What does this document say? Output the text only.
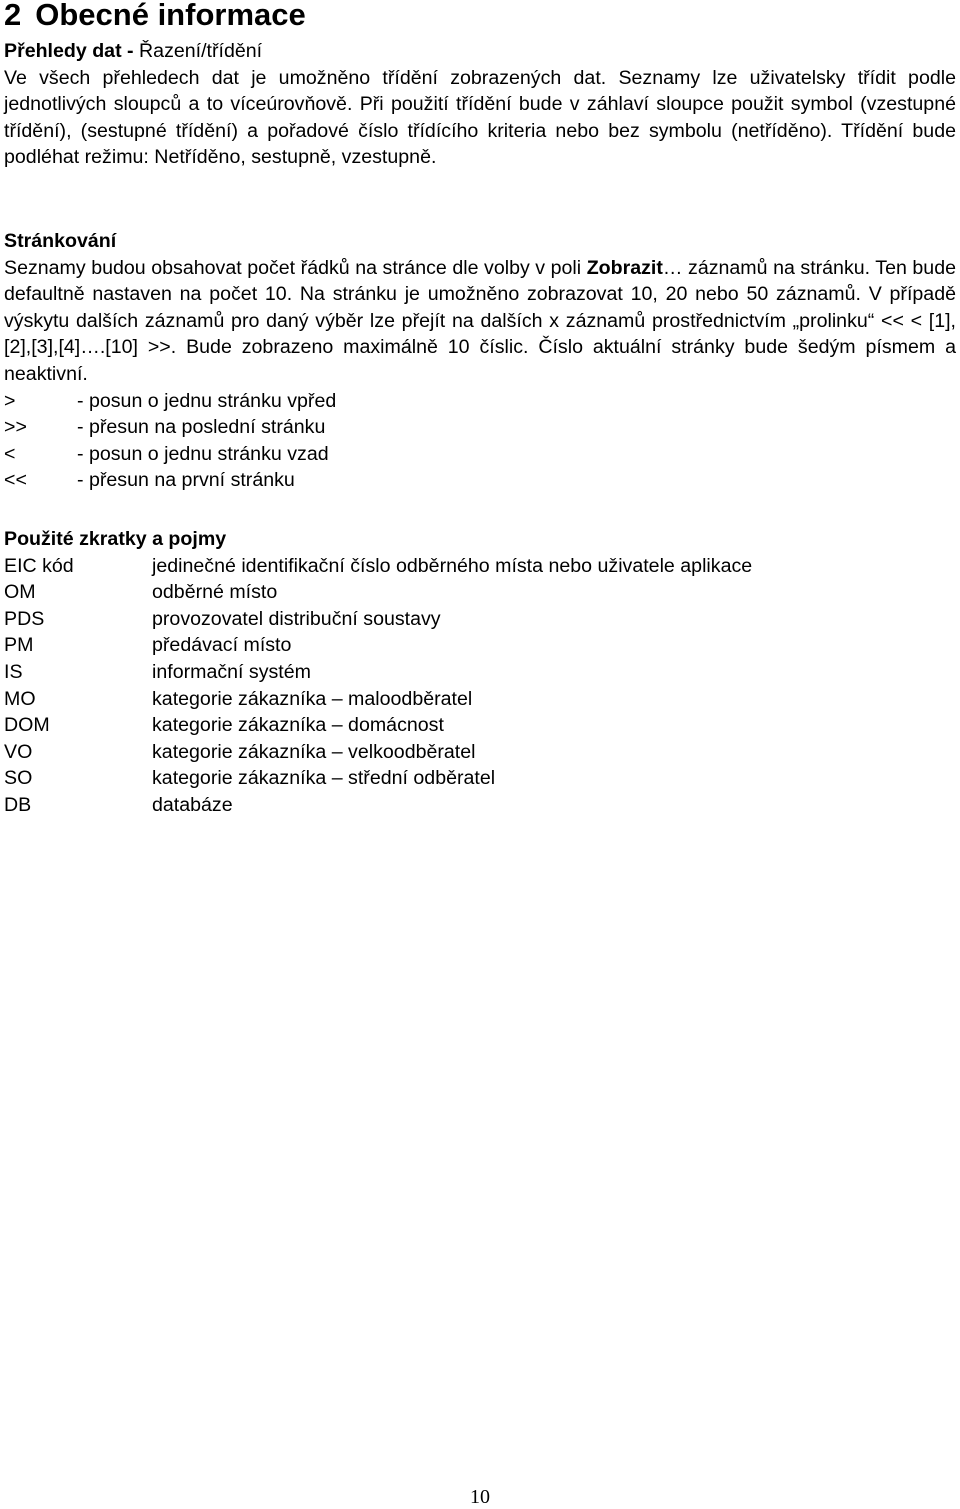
2 Obecné informace
Přehledy dat - Řazení/třídění
Ve všech přehledech dat je umožněno třídění zobrazených dat. Seznamy lze uživatelsky třídit podle jednotlivých sloupců a to víceúrovňově. Při použití třídění bude v záhlaví sloupce použit symbol (vzestupné třídění), (sestupné třídění) a pořadové číslo třídícího kriteria nebo bez symbolu (netříděno). Třídění bude podléhat režimu: Netříděno, sestupně, vzestupně.
Stránkování
Seznamy budou obsahovat počet řádků na stránce dle volby v poli Zobrazit… záznamů na stránku. Ten bude defaultně nastaven na počet 10. Na stránku je umožněno zobrazovat 10, 20 nebo 50 záznamů. V případě výskytu dalších záznamů pro daný výběr lze přejít na dalších x záznamů prostřednictvím „prolinku“ << < [1],[2],[3],[4]….[10] >>. Bude zobrazeno maximálně 10 číslic. Číslo aktuální stránky bude šedým písmem a neaktivní.
>	- posun o jednu stránku vpřed
>>	- přesun na poslední stránku
<	- posun o jednu stránku vzad
<<	- přesun na první stránku
Použité zkratky a pojmy
EIC kód	jedinečné identifikační číslo odběrného místa nebo uživatele aplikace
OM	odběrné místo
PDS	provozovatel distribuční soustavy
PM	předávací místo
IS	informační systém
MO	kategorie zákazníka – maloodběratel
DOM	kategorie zákazníka – domácnost
VO	kategorie zákazníka – velkoodběratel
SO	kategorie zákazníka – střední odběratel
DB	databáze
10
